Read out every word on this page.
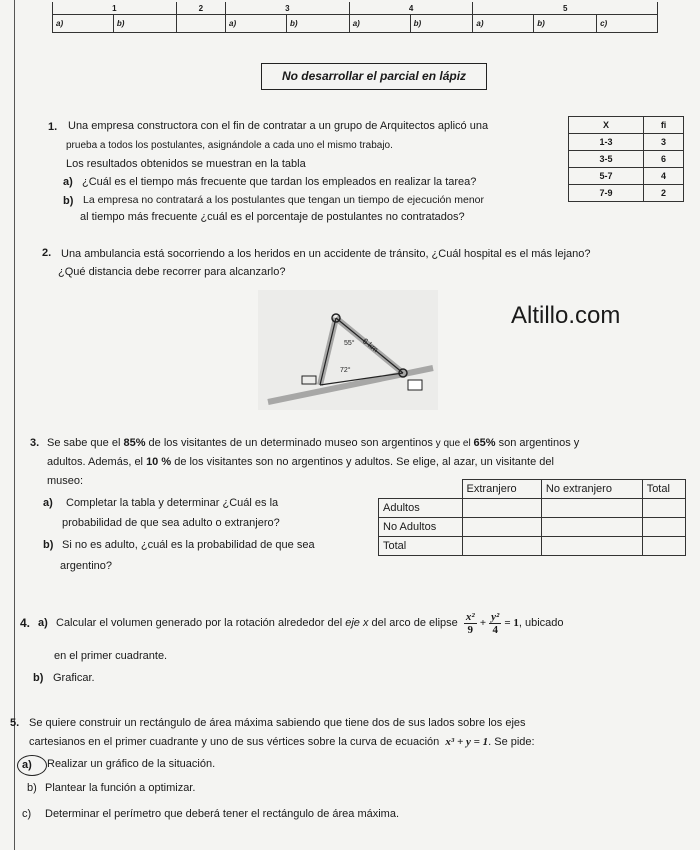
1		2	3		4		5		
a)	b)		a)	b)	a)	b)	a)	b)	c)
No desarrollar el parcial en lápiz
1. Una empresa constructora con el fin de contratar a un grupo de Arquitectos aplicó una
prueba a todos los postulantes, asignándole a cada uno el mismo trabajo.
Los resultados obtenidos se muestran en la tabla
a) ¿Cuál es el tiempo más frecuente que tardan los empleados en realizar la tarea?
b) La empresa no contratará a los postulantes que tengan un tiempo de ejecución menor
al tiempo más frecuente ¿cuál es el porcentaje de postulantes no contratados?
X	fi
1-3	3
3-5	6
5-7	4
7-9	2
2. Una ambulancia está socorriendo a los heridos en un accidente de tránsito, ¿Cuál hospital es el más lejano?
¿Qué distancia debe recorrer para alcanzarlo?
6 km
55°
72°
Altillo.com
3. Se sabe que el 85% de los visitantes de un determinado museo son argentinos y que el 65% son argentinos y
adultos. Además, el 10 % de los visitantes son no argentinos y adultos. Se elige, al azar, un visitante del
museo:
a) Completar la tabla y determinar ¿Cuál es la
probabilidad de que sea adulto o extranjero?
b) Si no es adulto, ¿cuál es la probabilidad de que sea
argentino?
	Extranjero	No extranjero	Total
Adultos			
No Adultos			
Total			
4. a) Calcular el volumen generado por la rotación alrededor del eje x del arco de elipse $\frac{\text{x²}}{9} + \frac{\text{y²}}{4} = 1$, ubicado
en el primer cuadrante.
b) Graficar.
5. Se quiere construir un rectángulo de área máxima sabiendo que tiene dos de sus lados sobre los ejes
cartesianos en el primer cuadrante y uno de sus vértices sobre la curva de ecuación x³ + y = 1. Se pide:
a) Realizar un gráfico de la situación.
b) Plantear la función a optimizar.
c) Determinar el perímetro que deberá tener el rectángulo de área máxima.
